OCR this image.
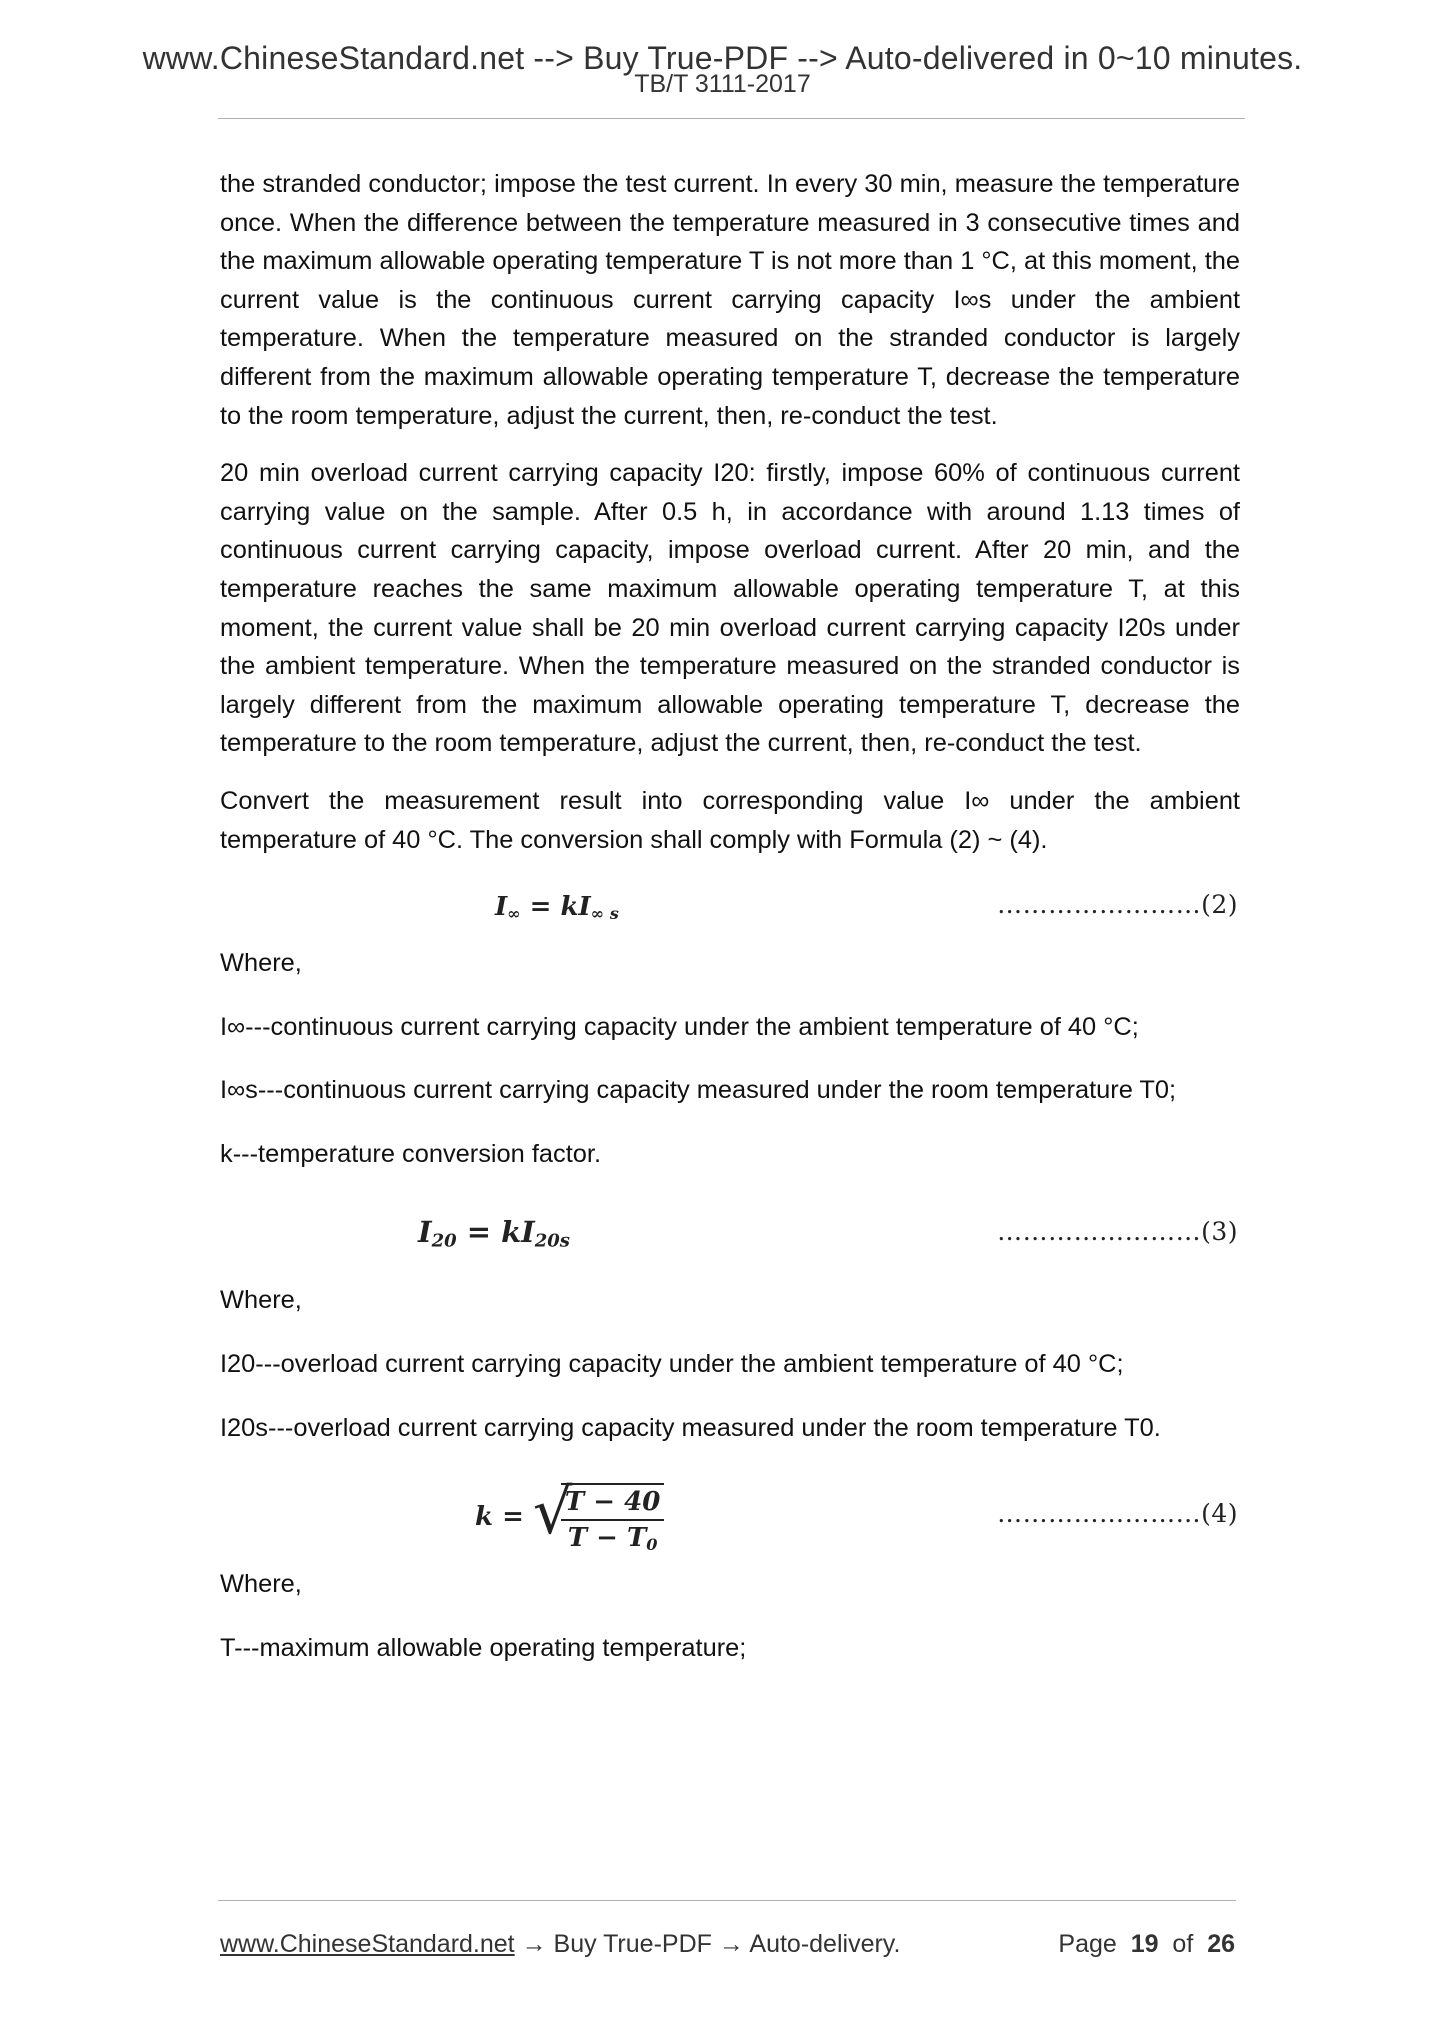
www.ChineseStandard.net --> Buy True-PDF --> Auto-delivered in 0~10 minutes.
TB/T 3111-2017

the stranded conductor; impose the test current. In every 30 min, measure the temperature once. When the difference between the temperature measured in 3 consecutive times and the maximum allowable operating temperature T is not more than 1 °C, at this moment, the current value is the continuous current carrying capacity I∞s under the ambient temperature. When the temperature measured on the stranded conductor is largely different from the maximum allowable operating temperature T, decrease the temperature to the room temperature, adjust the current, then, re-conduct the test.

20 min overload current carrying capacity I20: firstly, impose 60% of continuous current carrying value on the sample. After 0.5 h, in accordance with around 1.13 times of continuous current carrying capacity, impose overload current. After 20 min, and the temperature reaches the same maximum allowable operating temperature T, at this moment, the current value shall be 20 min overload current carrying capacity I20s under the ambient temperature. When the temperature measured on the stranded conductor is largely different from the maximum allowable operating temperature T, decrease the temperature to the room temperature, adjust the current, then, re-conduct the test.

Convert the measurement result into corresponding value I∞ under the ambient temperature of 40 °C. The conversion shall comply with Formula (2) ~ (4).

$I_\infty = kI_{\infty s}$	……………………(2)

Where,

I∞---continuous current carrying capacity under the ambient temperature of 40 °C;

I∞s---continuous current carrying capacity measured under the room temperature T0;

k---temperature conversion factor.

$I_{20} = kI_{20s}$	……………………(3)

Where,

I20---overload current carrying capacity under the ambient temperature of 40 °C;

I20s---overload current carrying capacity measured under the room temperature T0.

k = √
$\frac{T - 40}{T - T_0}$	……………………(4)

Where,

T---maximum allowable operating temperature;

www.ChineseStandard.net → Buy True-PDF → Auto-delivery.	Page 19 of 26
